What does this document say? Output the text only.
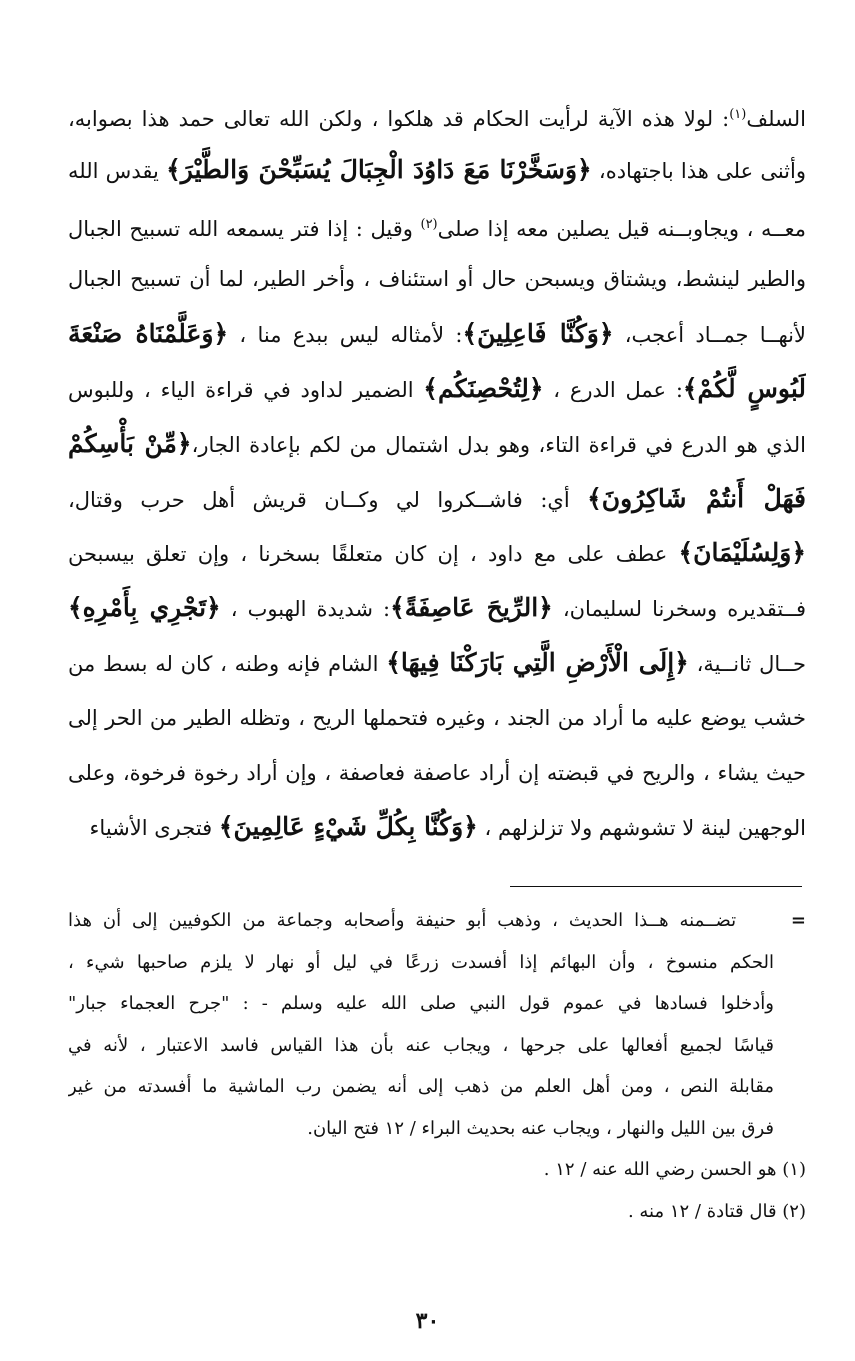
السلف$^{(١)}$: لولا هذه الآية لرأيت الحكام قد هلكوا ، ولكن الله تعالى حمد هذا بصوابه،
وأثنى على هذا باجتهاده، ﴿وَسَخَّرْنَا مَعَ دَاوُدَ الْجِبَالَ يُسَبِّحْنَ وَالطَّيْرَ﴾ يقدس الله
معــه ، ويجاوبــنه قيل يصلين معه إذا صلى$^{(٢)}$ وقيل : إذا فتر يسمعه الله تسبيح الجبال
والطير لينشط، ويشتاق ويسبحن حال أو استئناف ، وأخر الطير، لما أن تسبيح الجبال
لأنهــا جمــاد أعجب، ﴿وَكُنَّا فَاعِلِينَ﴾: لأمثاله ليس ببدع منا ، ﴿وَعَلَّمْنَاهُ صَنْعَةَ
لَبُوسٍ لَّكُمْ﴾: عمل الدرع ، ﴿لِتُحْصِنَكُم﴾ الضمير لداود في قراءة الياء ، وللبوس
الذي هو الدرع في قراءة التاء، وهو بدل اشتمال من لكم بإعادة الجار،﴿مِّنْ بَأْسِكُمْ
فَهَلْ أَنتُمْ شَاكِرُونَ﴾ أي: فاشــكروا لي وكــان قريش أهل حرب وقتال،
﴿وَلِسُلَيْمَانَ﴾ عطف على مع داود ، إن كان متعلقًا بسخرنا ، وإن تعلق بيسبحن
فــتقديره وسخرنا لسليمان، ﴿الرِّيحَ عَاصِفَةً﴾: شديدة الهبوب ، ﴿تَجْرِي بِأَمْرِهِ﴾
حــال ثانــية، ﴿إِلَى الْأَرْضِ الَّتِي بَارَكْنَا فِيهَا﴾ الشام فإنه وطنه ، كان له بسط من
خشب يوضع عليه ما أراد من الجند ، وغيره فتحملها الريح ، وتظله الطير من الحر إلى
حيث يشاء ، والريح في قبضته إن أراد عاصفة فعاصفة ، وإن أراد رخوة فرخوة، وعلى
الوجهين لينة لا تشوشهم ولا تزلزلهم ، ﴿وَكُنَّا بِكُلِّ شَيْءٍ عَالِمِينَ﴾ فتجرى الأشياء
=     تضــمنه هــذا الحديث ، وذهب أبو حنيفة وأصحابه وجماعة من الكوفيين إلى أن هذا
الحكم منسوخ ، وأن البهائم إذا أفسدت زرعًا في ليل أو نهار لا يلزم صاحبها شيء ،
وأدخلوا فسادها في عموم قول النبي صلى الله عليه وسلم - : "جرح العجماء جبار"
قياسًا لجميع أفعالها على جرحها ، ويجاب عنه بأن هذا القياس فاسد الاعتبار ، لأنه في
مقابلة النص ، ومن أهل العلم من ذهب إلى أنه يضمن رب الماشية ما أفسدته من غير
فرق بين الليل والنهار ، ويجاب عنه بحديث البراء / ١٢ فتح اليان.
(١) هو الحسن رضي الله عنه / ١٢ .
(٢) قال قتادة / ١٢ منه .
٣٠
